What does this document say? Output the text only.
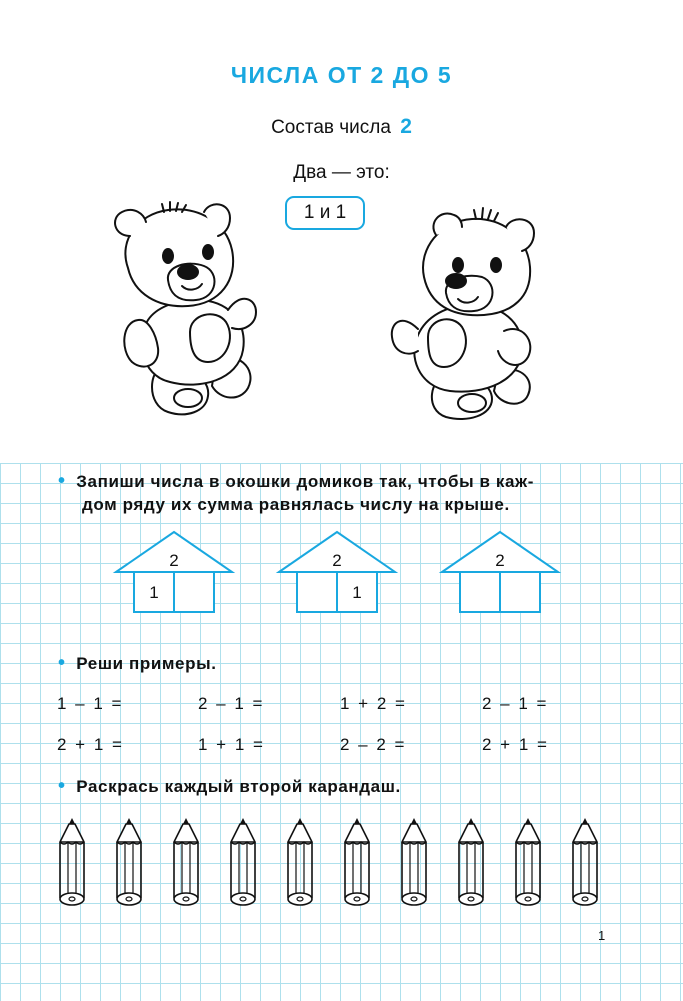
ЧИСЛА ОТ 2 ДО 5
Состав числа 2
Два — это:
1 и 1
• Запиши числа в окошки домиков так, чтобы в каж-
дом ряду их сумма равнялась числу на крыше.
2
1
2
1
2
• Реши примеры.
1 – 1 =	2 – 1 =	1 + 2 =	2 – 1 =
2 + 1 =	1 + 1 =	2 – 2 =	2 + 1 =
• Раскрась каждый второй карандаш.
1
